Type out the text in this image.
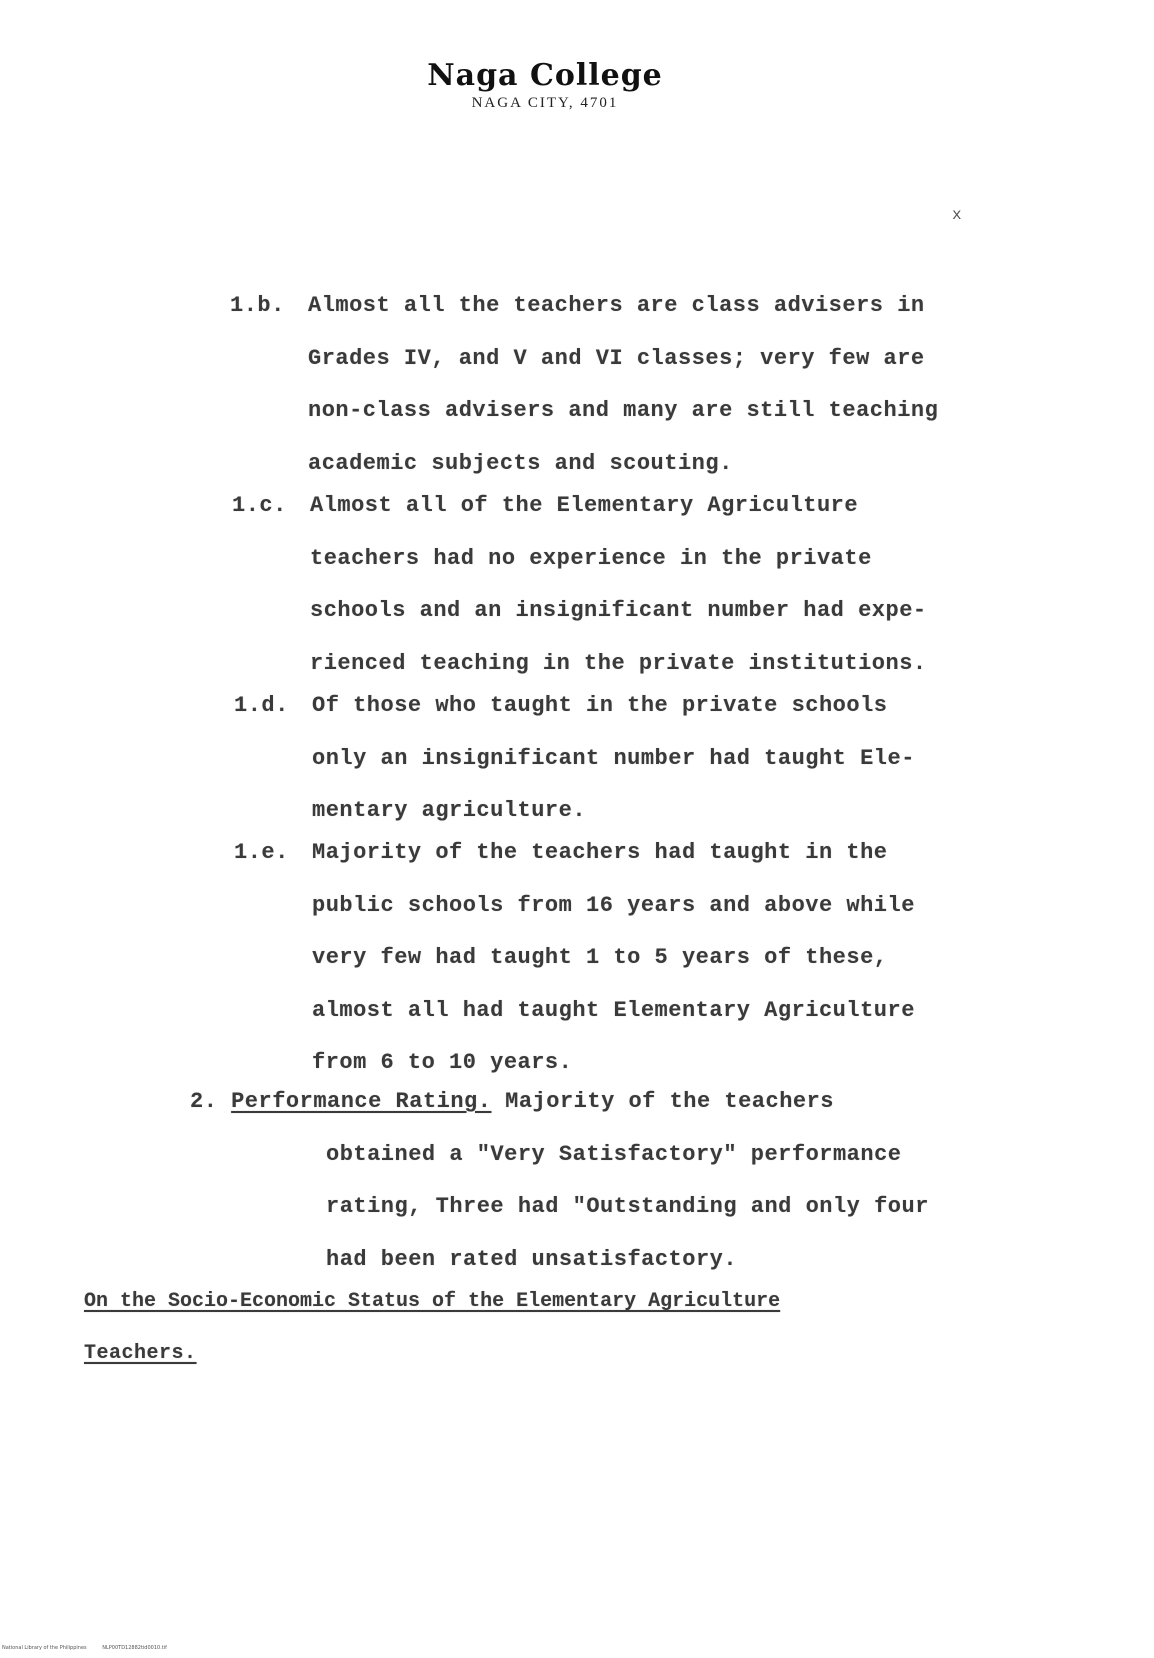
Naga College
NAGA CITY, 4701
x
1.b. Almost all the teachers are class advisers in
Grades IV, and V and VI classes; very few are
non-class advisers and many are still teaching
academic subjects and scouting.
1.c. Almost all of the Elementary Agriculture
teachers had no experience in the private
schools and an insignificant number had expe-
rienced teaching in the private institutions.
1.d. Of those who taught in the private schools
only an insignificant number had taught Ele-
mentary agriculture.
1.e. Majority of the teachers had taught in the
public schools from 16 years and above while
very few had taught 1 to 5 years of these,
almost all had taught Elementary Agriculture
from 6 to 10 years.
2. Performance Rating. Majority of the teachers
obtained a "Very Satisfactory" performance
rating, Three had "Outstanding and only four
had been rated unsatisfactory.
On the Socio-Economic Status of the Elementary Agriculture
Teachers.
National Library of the Philippines	NLP00TD12882tid0010.tif
